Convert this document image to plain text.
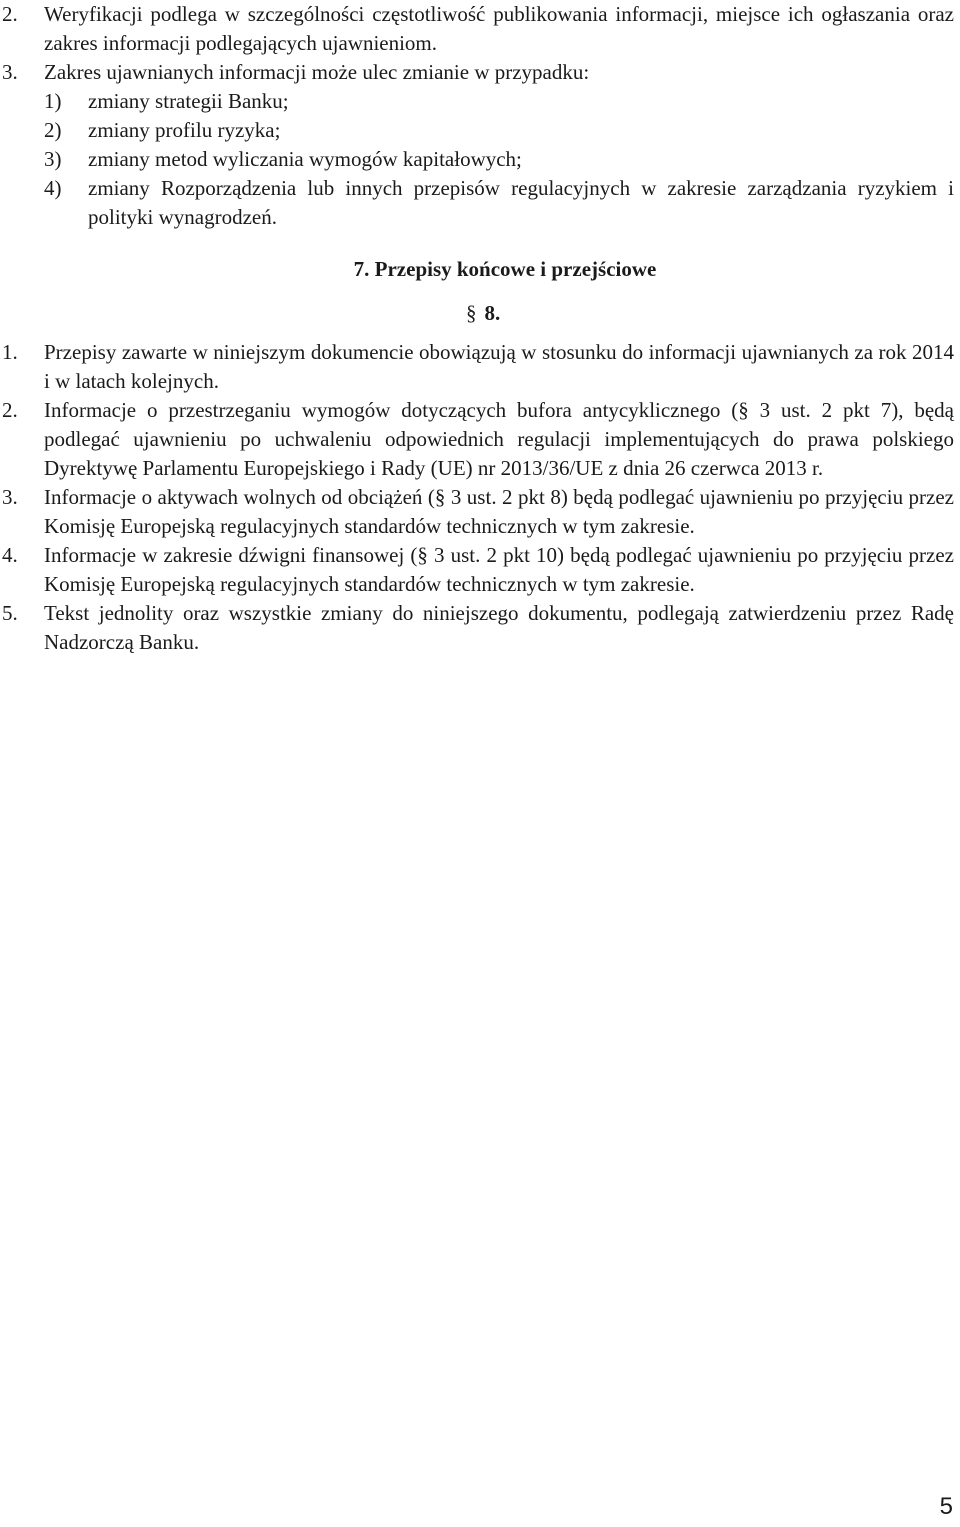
2. Weryfikacji podlega w szczególności częstotliwość publikowania informacji, miejsce ich ogłaszania oraz zakres informacji podlegających ujawnieniom.
3. Zakres ujawnianych informacji może ulec zmianie w przypadku:
1) zmiany strategii Banku;
2) zmiany profilu ryzyka;
3) zmiany metod wyliczania wymogów kapitałowych;
4) zmiany Rozporządzenia lub innych przepisów regulacyjnych w zakresie zarządzania ryzykiem i polityki wynagrodzeń.
7. Przepisy końcowe i przejściowe
§ 8.
1. Przepisy zawarte w niniejszym dokumencie obowiązują w stosunku do informacji ujawnianych za rok 2014 i w latach kolejnych.
2. Informacje o przestrzeganiu wymogów dotyczących bufora antycyklicznego (§ 3 ust. 2 pkt 7), będą podlegać ujawnieniu po uchwaleniu odpowiednich regulacji implementujących do prawa polskiego Dyrektywę Parlamentu Europejskiego i Rady (UE) nr 2013/36/UE z dnia 26 czerwca 2013 r.
3. Informacje o aktywach wolnych od obciążeń (§ 3 ust. 2 pkt 8) będą podlegać ujawnieniu po przyjęciu przez Komisję Europejską regulacyjnych standardów technicznych w tym zakresie.
4. Informacje w zakresie dźwigni finansowej (§ 3 ust. 2 pkt 10) będą podlegać ujawnieniu po przyjęciu przez Komisję Europejską regulacyjnych standardów technicznych w tym zakresie.
5. Tekst jednolity oraz wszystkie zmiany do niniejszego dokumentu, podlegają zatwierdzeniu przez Radę Nadzorczą Banku.
5
